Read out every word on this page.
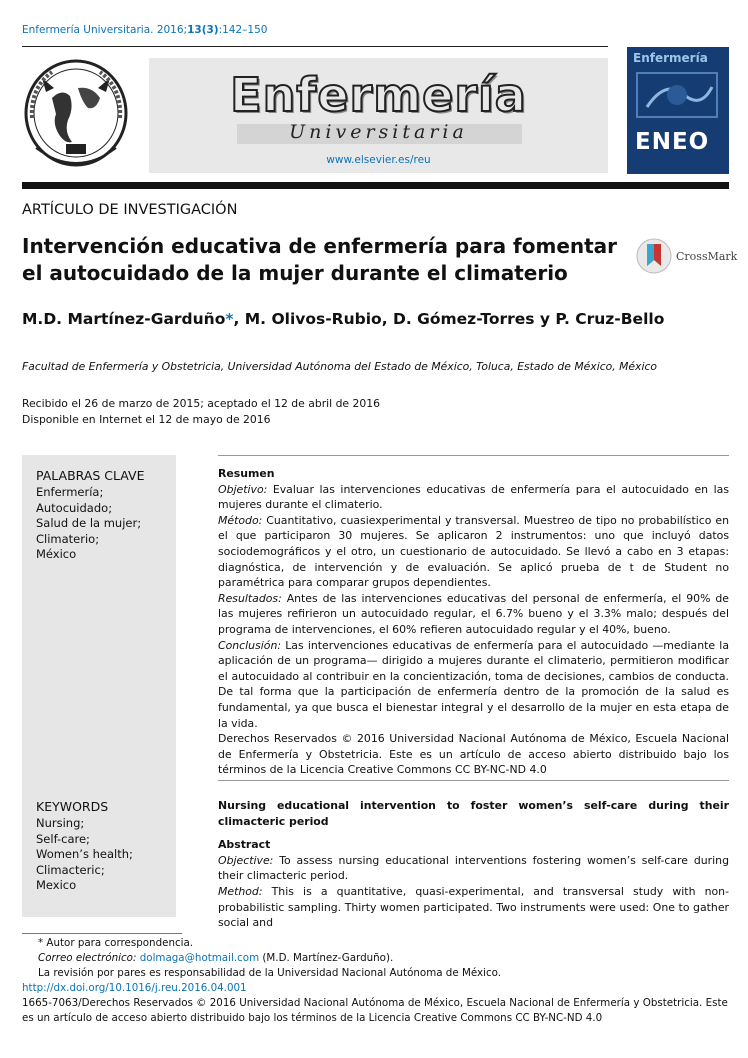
Enfermería Universitaria. 2016;13(3):142–150
Enfermería
Universitaria
www.elsevier.es/reu
Enfermería
ENEO
ARTÍCULO DE INVESTIGACIÓN
Intervención educativa de enfermería para fomentar
el autocuidado de la mujer durante el climaterio
CrossMark
M.D. Martínez-Garduño*, M. Olivos-Rubio, D. Gómez-Torres y P. Cruz-Bello
Facultad de Enfermería y Obstetricia, Universidad Autónoma del Estado de México, Toluca, Estado de México, México
Recibido el 26 de marzo de 2015; aceptado el 12 de abril de 2016
Disponible en Internet el 12 de mayo de 2016
PALABRAS CLAVE
Enfermería;
Autocuidado;
Salud de la mujer;
Climaterio;
México
Resumen
Objetivo: Evaluar las intervenciones educativas de enfermería para el autocuidado en las mujeres durante el climaterio.
Método: Cuantitativo, cuasiexperimental y transversal. Muestreo de tipo no probabilístico en el que participaron 30 mujeres. Se aplicaron 2 instrumentos: uno que incluyó datos sociodemográficos y el otro, un cuestionario de autocuidado. Se llevó a cabo en 3 etapas: diagnóstica, de intervención y de evaluación. Se aplicó prueba de t de Student no paramétrica para comparar grupos dependientes.
Resultados: Antes de las intervenciones educativas del personal de enfermería, el 90% de las mujeres refirieron un autocuidado regular, el 6.7% bueno y el 3.3% malo; después del programa de intervenciones, el 60% refieren autocuidado regular y el 40%, bueno.
Conclusión: Las intervenciones educativas de enfermería para el autocuidado —mediante la aplicación de un programa— dirigido a mujeres durante el climaterio, permitieron modificar el autocuidado al contribuir en la concientización, toma de decisiones, cambios de conducta. De tal forma que la participación de enfermería dentro de la promoción de la salud es fundamental, ya que busca el bienestar integral y el desarrollo de la mujer en esta etapa de la vida.
Derechos Reservados © 2016 Universidad Nacional Autónoma de México, Escuela Nacional de Enfermería y Obstetricia. Este es un artículo de acceso abierto distribuido bajo los términos de la Licencia Creative Commons CC BY-NC-ND 4.0
KEYWORDS
Nursing;
Self-care;
Women’s health;
Climacteric;
Mexico
Nursing educational intervention to foster women’s self-care during their climacteric period
Abstract
Objective: To assess nursing educational interventions fostering women’s self-care during their climacteric period.
Method: This is a quantitative, quasi-experimental, and transversal study with non-probabilistic sampling. Thirty women participated. Two instruments were used: One to gather social and
* Autor para correspondencia.
Correo electrónico: dolmaga@hotmail.com (M.D. Martínez-Garduño).
La revisión por pares es responsabilidad de la Universidad Nacional Autónoma de México.
http://dx.doi.org/10.1016/j.reu.2016.04.001
1665-7063/Derechos Reservados © 2016 Universidad Nacional Autónoma de México, Escuela Nacional de Enfermería y Obstetricia. Este es un artículo de acceso abierto distribuido bajo los términos de la Licencia Creative Commons CC BY-NC-ND 4.0
